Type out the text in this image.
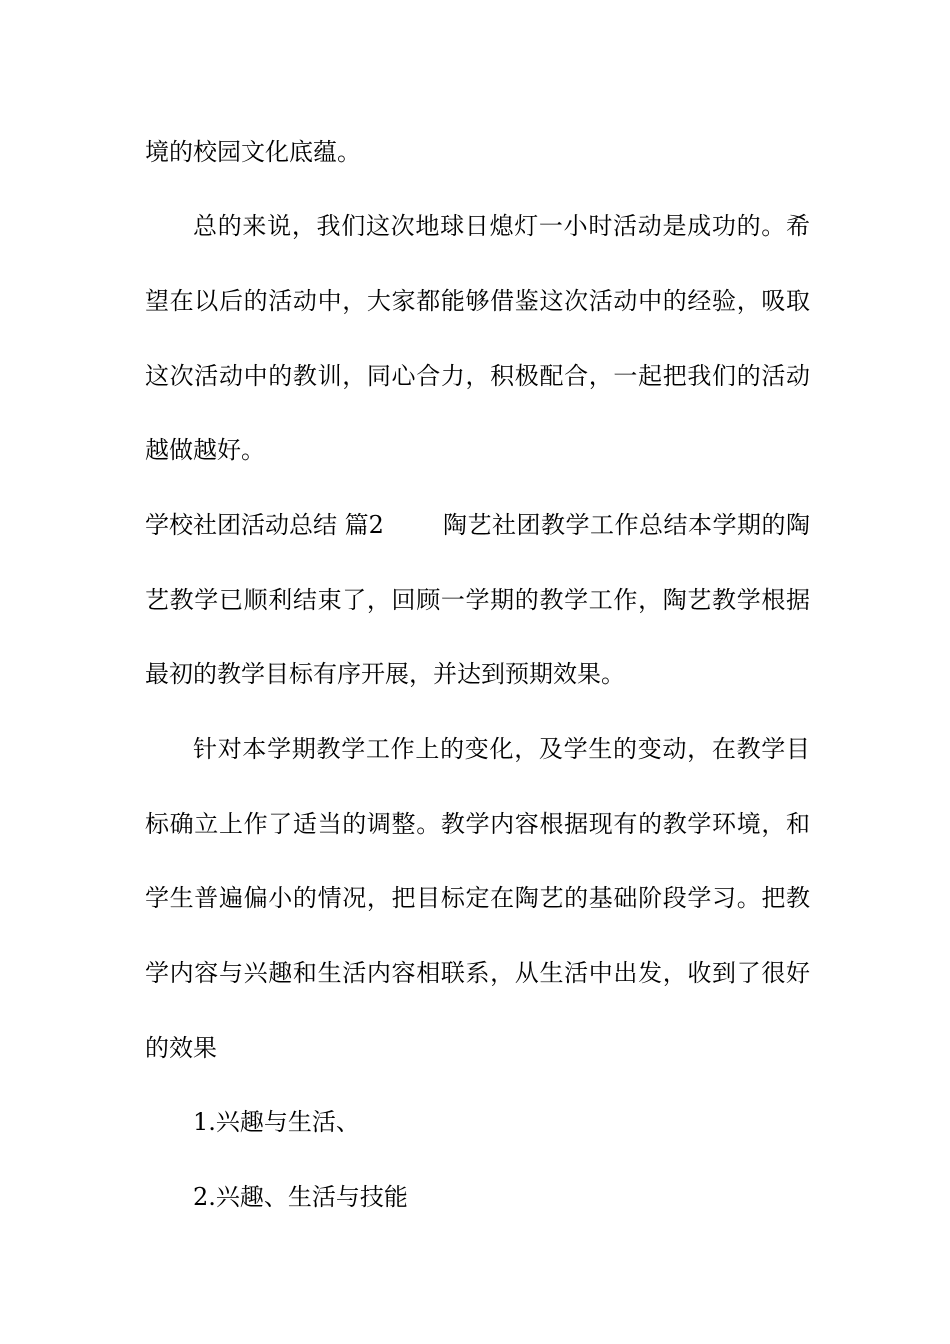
境的校园文化底蕴。
总的来说，我们这次地球日熄灯一小时活动是成功的。希
望在以后的活动中，大家都能够借鉴这次活动中的经验，吸取
这次活动中的教训，同心合力，积极配合，一起把我们的活动
越做越好。
学校社团活动总结 篇2 陶艺社团教学工作总结本学期的陶
艺教学已顺利结束了，回顾一学期的教学工作，陶艺教学根据
最初的教学目标有序开展，并达到预期效果。
针对本学期教学工作上的变化，及学生的变动，在教学目
标确立上作了适当的调整。教学内容根据现有的教学环境，和
学生普遍偏小的情况，把目标定在陶艺的基础阶段学习。把教
学内容与兴趣和生活内容相联系，从生活中出发，收到了很好
的效果
1.兴趣与生活、
2.兴趣、生活与技能
